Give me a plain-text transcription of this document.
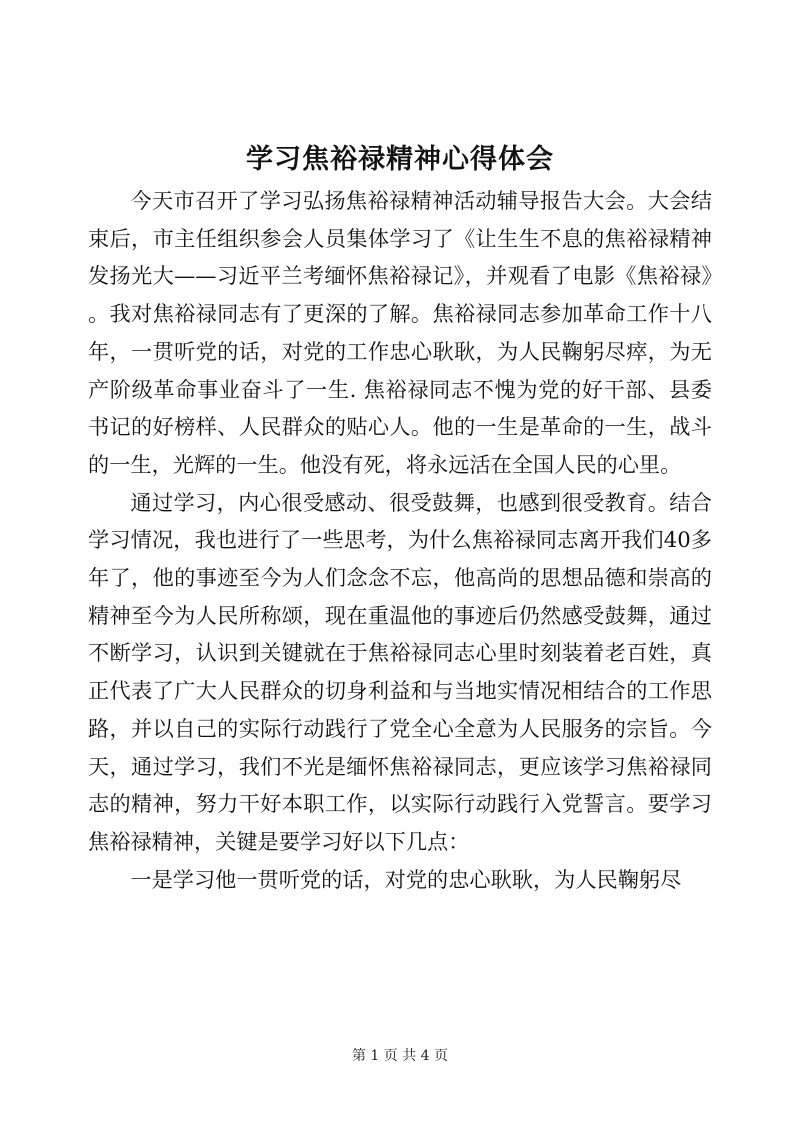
学习焦裕禄精神心得体会

今天市召开了学习弘扬焦裕禄精神活动辅导报告大会。大会结束后，市主任组织参会人员集体学习了《让生生不息的焦裕禄精神发扬光大——习近平兰考缅怀焦裕禄记》，并观看了电影《焦裕禄》。我对焦裕禄同志有了更深的了解。焦裕禄同志参加革命工作十八年，一贯听党的话，对党的工作忠心耿耿，为人民鞠躬尽瘁，为无产阶级革命事业奋斗了一生. 焦裕禄同志不愧为党的好干部、县委书记的好榜样、人民群众的贴心人。他的一生是革命的一生，战斗的一生，光辉的一生。他没有死，将永远活在全国人民的心里。

通过学习，内心很受感动、很受鼓舞，也感到很受教育。结合学习情况，我也进行了一些思考，为什么焦裕禄同志离开我们40多年了，他的事迹至今为人们念念不忘，他高尚的思想品德和崇高的精神至今为人民所称颂，现在重温他的事迹后仍然感受鼓舞，通过不断学习，认识到关键就在于焦裕禄同志心里时刻装着老百姓，真正代表了广大人民群众的切身利益和与当地实情况相结合的工作思路，并以自己的实际行动践行了党全心全意为人民服务的宗旨。今天，通过学习，我们不光是缅怀焦裕禄同志，更应该学习焦裕禄同志的精神，努力干好本职工作，以实际行动践行入党誓言。要学习焦裕禄精神，关键是要学习好以下几点：

一是学习他一贯听党的话，对党的忠心耿耿，为人民鞠躬尽

第 1 页 共 4 页
